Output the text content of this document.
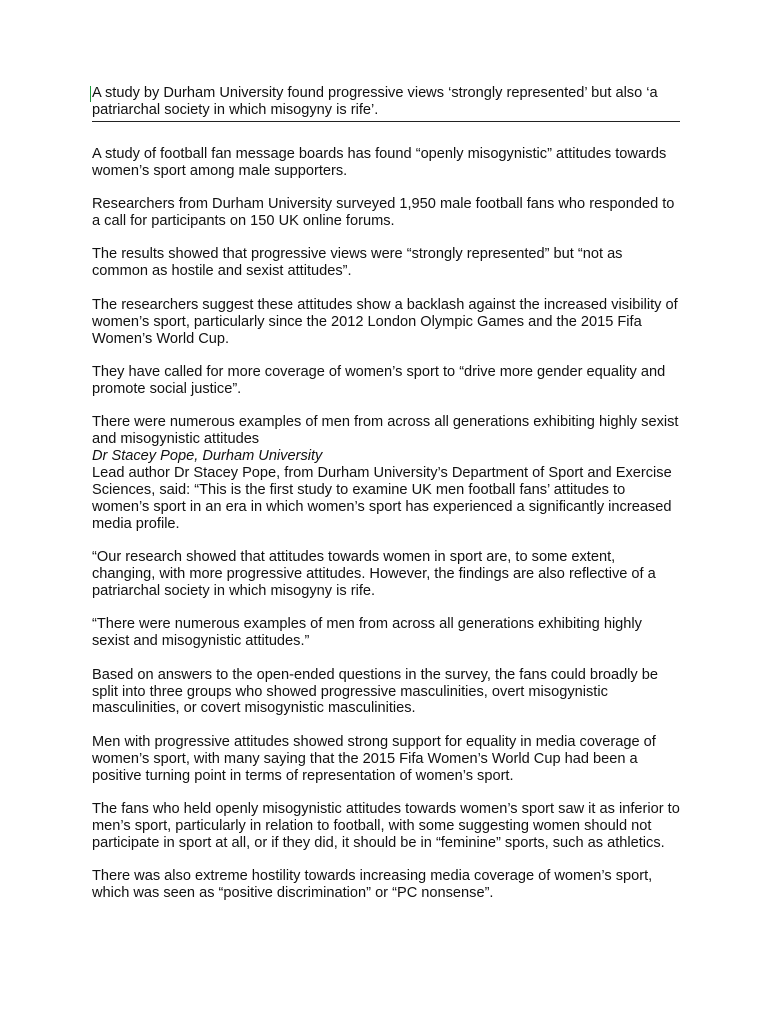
A study by Durham University found progressive views ‘strongly represented’ but also ‘a patriarchal society in which misogyny is rife’.

A study of football fan message boards has found “openly misogynistic” attitudes towards women’s sport among male supporters.

Researchers from Durham University surveyed 1,950 male football fans who responded to a call for participants on 150 UK online forums.

The results showed that progressive views were “strongly represented” but “not as common as hostile and sexist attitudes”.

The researchers suggest these attitudes show a backlash against the increased visibility of women’s sport, particularly since the 2012 London Olympic Games and the 2015 Fifa Women’s World Cup.

They have called for more coverage of women’s sport to “drive more gender equality and promote social justice”.

There were numerous examples of men from across all generations exhibiting highly sexist and misogynistic attitudes

Dr Stacey Pope, Durham University

Lead author Dr Stacey Pope, from Durham University’s Department of Sport and Exercise Sciences, said: “This is the first study to examine UK men football fans’ attitudes to women’s sport in an era in which women’s sport has experienced a significantly increased media profile.

“Our research showed that attitudes towards women in sport are, to some extent, changing, with more progressive attitudes. However, the findings are also reflective of a patriarchal society in which misogyny is rife.

“There were numerous examples of men from across all generations exhibiting highly sexist and misogynistic attitudes.”

Based on answers to the open-ended questions in the survey, the fans could broadly be split into three groups who showed progressive masculinities, overt misogynistic masculinities, or covert misogynistic masculinities.

Men with progressive attitudes showed strong support for equality in media coverage of women’s sport, with many saying that the 2015 Fifa Women’s World Cup had been a positive turning point in terms of representation of women’s sport.

The fans who held openly misogynistic attitudes towards women’s sport saw it as inferior to men’s sport, particularly in relation to football, with some suggesting women should not participate in sport at all, or if they did, it should be in “feminine” sports, such as athletics.

There was also extreme hostility towards increasing media coverage of women’s sport, which was seen as “positive discrimination” or “PC nonsense”.
